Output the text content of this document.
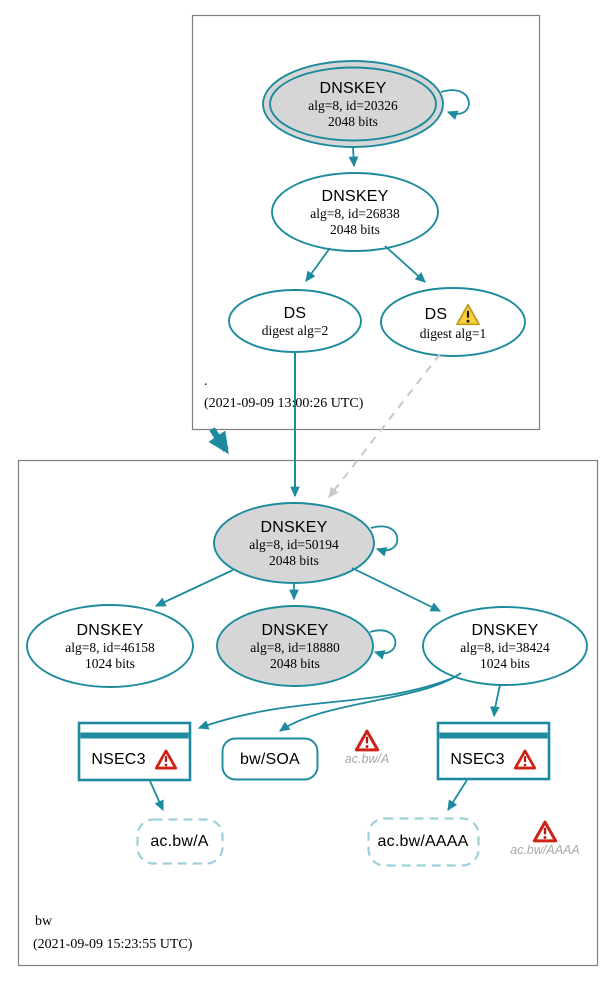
DNSKEY
alg=8, id=20326
2048 bits
DNSKEY
alg=8, id=26838
2048 bits
DS
digest alg=2
DS
digest alg=1
.
(2021-09-09 13:00:26 UTC)
DNSKEY
alg=8, id=50194
2048 bits
DNSKEY
alg=8, id=46158
1024 bits
DNSKEY
alg=8, id=18880
2048 bits
DNSKEY
alg=8, id=38424
1024 bits
NSEC3	bw/SOA	ac.bw/A	NSEC3
ac.bw/A	ac.bw/AAAA	ac.bw/AAAA
bw
(2021-09-09 15:23:55 UTC)
